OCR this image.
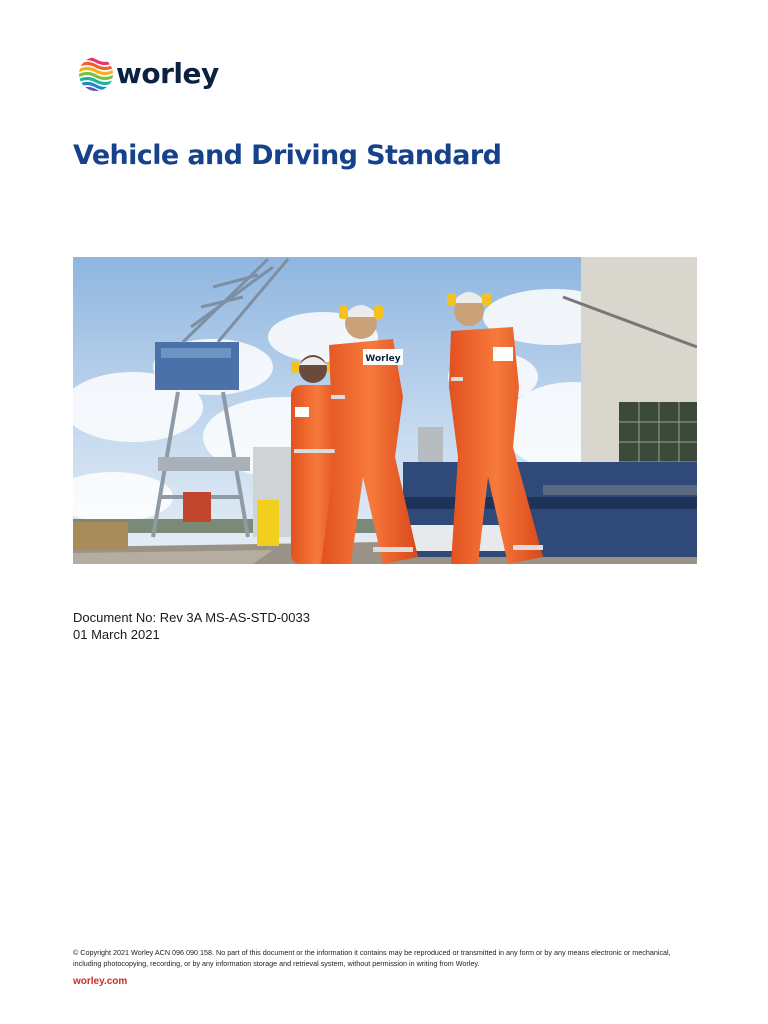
worley
Vehicle and Driving Standard
Worley
Document No: Rev 3A MS-AS-STD-0033
01 March 2021

© Copyright 2021 Worley ACN 096 090 158. No part of this document or the information it contains may be reproduced or transmitted in any form or by any means electronic or mechanical, including photocopying, recording, or by any information storage and retrieval system, without permission in writing from Worley.

worley.com
